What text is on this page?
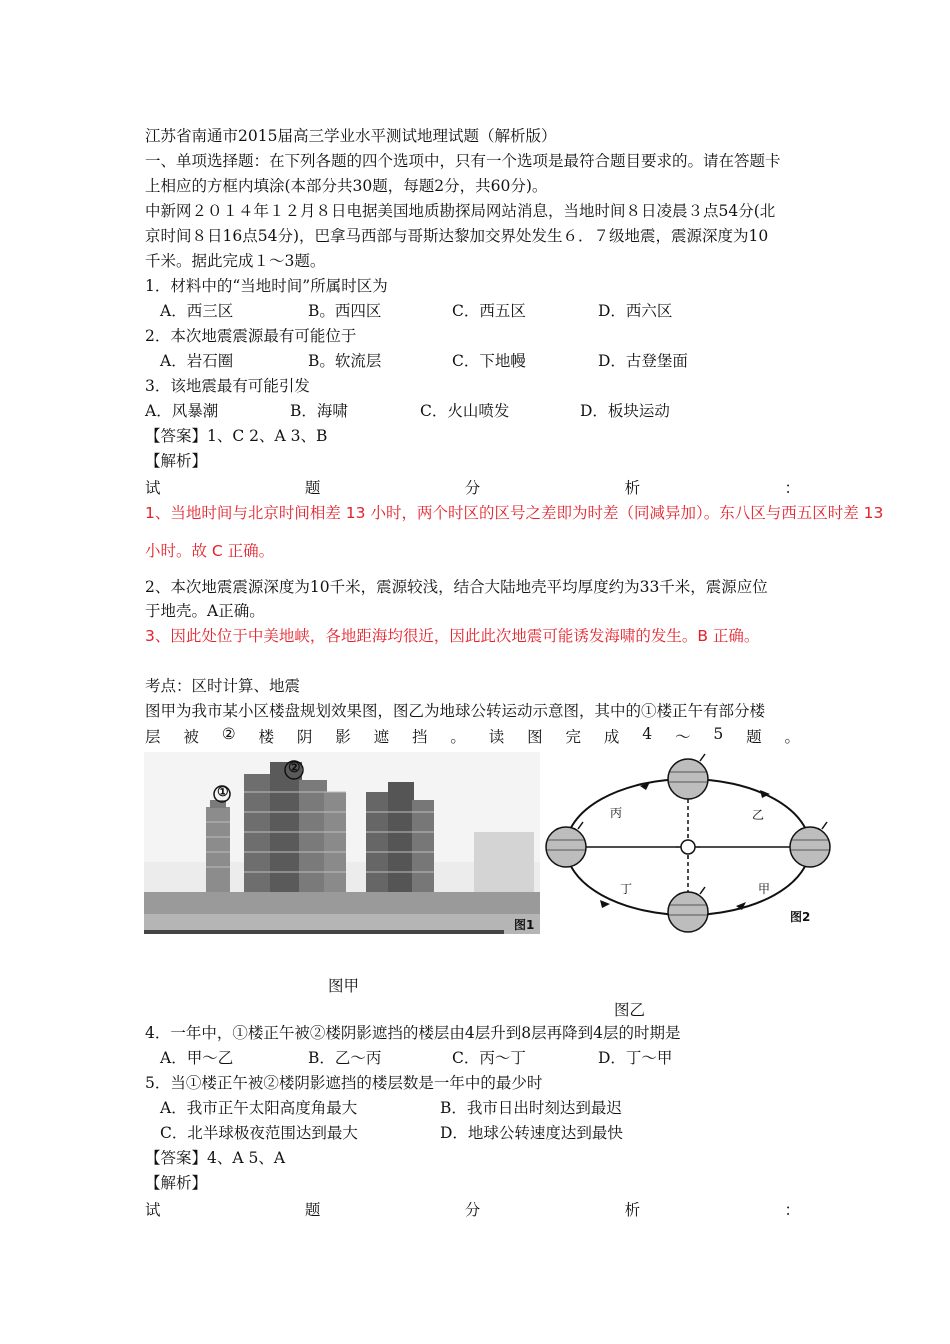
江苏省南通市2015届高三学业水平测试地理试题（解析版）
一、单项选择题：在下列各题的四个选项中，只有一个选项是最符合题目要求的。请在答题卡
上相应的方框内填涂(本部分共30题，每题2分，共60分)。
中新网２０１４年１２月８日电据美国地质勘探局网站消息，当地时间８日凌晨３点54分(北
京时间８日16点54分)，巴拿马西部与哥斯达黎加交界处发生６．７级地震，震源深度为10
千米。据此完成１～3题。
1．材料中的“当地时间”所属时区为
A．西三区	B。西四区	C．西五区	D．西六区
2．本次地震震源最有可能位于
A．岩石圈	B。软流层	C．下地幔	D．古登堡面
3．该地震最有可能引发
A．风暴潮	B．海啸	C．火山喷发	D．板块运动
【答案】1、C 2、A 3、B
【解析】
试	题	分	析	：
1、当地时间与北京时间相差 13 小时，两个时区的区号之差即为时差（同减异加）。东八区与西五区时差 13
小时。故 C 正确。
2、本次地震震源深度为10千米，震源较浅，结合大陆地壳平均厚度约为33千米，震源应位
于地壳。A正确。
3、因此处位于中美地峡，各地距海均很近，因此此次地震可能诱发海啸的发生。B 正确。
考点：区时计算、地震
图甲为我市某小区楼盘规划效果图，图乙为地球公转运动示意图，其中的①楼正午有部分楼
层 被 ② 楼 阴 影 遮 挡 。 读 图 完 成 4 ～ 5 题 。
①
②
图1
丙	乙
丁	甲
图2
图甲
图乙
4．一年中，①楼正午被②楼阴影遮挡的楼层由4层升到8层再降到4层的时期是
A．甲～乙	B．乙～丙	C．丙～丁	D．丁～甲
5．当①楼正午被②楼阴影遮挡的楼层数是一年中的最少时
A．我市正午太阳高度角最大	B．我市日出时刻达到最迟
C．北半球极夜范围达到最大	D．地球公转速度达到最快
【答案】4、A 5、A
【解析】
试	题	分	析	：
